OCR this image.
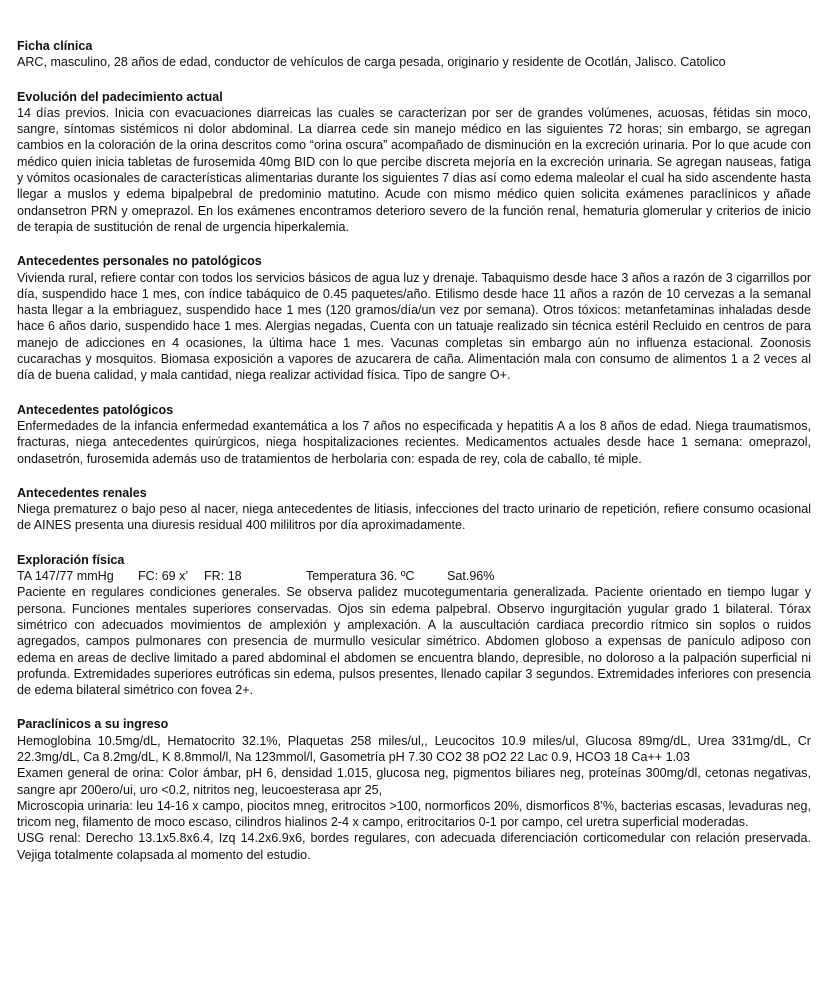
Ficha clínica

ARC, masculino, 28 años de edad, conductor de vehículos de carga pesada, originario y residente de Ocotlán, Jalisco. Catolico

Evolución del padecimiento actual

14 días previos. Inicia con evacuaciones diarreicas las cuales se caracterizan por ser de grandes volúmenes, acuosas, fétidas sin moco, sangre, síntomas sistémicos ni dolor abdominal. La diarrea cede sin manejo médico en las siguientes 72 horas; sin embargo, se agregan cambios en la coloración de la orina descritos como “orina oscura” acompañado de disminución en la excreción urinaria. Por lo que acude con médico quien inicia tabletas de furosemida 40mg BID con lo que percibe discreta mejoría en la excreción urinaria. Se agregan nauseas, fatiga y vómitos ocasionales de características alimentarias durante los siguientes 7 días así como edema maleolar el cual ha sido ascendente hasta llegar a muslos y edema bipalpebral de predominio matutino. Acude con mismo médico quien solicita exámenes paraclínicos y añade ondansetron PRN y omeprazol. En los exámenes encontramos deterioro severo de la función renal, hematuria glomerular y criterios de inicio de terapia de sustitución de renal de urgencia hiperkalemia.

Antecedentes personales no patológicos

Vivienda rural, refiere contar con todos los servicios básicos de agua luz y drenaje. Tabaquismo desde hace 3 años a razón de 3 cigarrillos por día, suspendido hace 1 mes, con índice tabáquico de 0.45 paquetes/año. Etilismo desde hace 11 años a razón de 10 cervezas a la semanal hasta llegar a la embriaguez, suspendido hace 1 mes (120 gramos/día/un vez por semana). Otros tóxicos: metanfetaminas inhaladas desde hace 6 años dario, suspendido hace 1 mes. Alergias negadas, Cuenta con un tatuaje realizado sin técnica estéril Recluido en centros de para manejo de adicciones en 4 ocasiones, la última hace 1 mes. Vacunas completas sin embargo aún no influenza estacional. Zoonosis cucarachas y mosquitos. Biomasa exposición a vapores de azucarera de caña. Alimentación mala con consumo de alimentos 1 a 2 veces al día de buena calidad, y mala cantidad, niega realizar actividad física. Tipo de sangre O+.

Antecedentes patológicos

Enfermedades de la infancia enfermedad exantemática a los 7 años no especificada y hepatitis A a los 8 años de edad. Niega traumatismos, fracturas, niega antecedentes quirúrgicos, niega hospitalizaciones recientes. Medicamentos actuales desde hace 1 semana: omeprazol, ondasetrón, furosemida además uso de tratamientos de herbolaria con: espada de rey, cola de caballo, té miple.

Antecedentes renales

Niega prematurez o bajo peso al nacer, niega antecedentes de litiasis, infecciones del tracto urinario de repetición, refiere consumo ocasional de AINES presenta una diuresis residual 400 mililitros por día aproximadamente.

Exploración física
TA 147/77 mmHg	FC: 69 x’	FR: 18	Temperatura 36. ºC	Sat.96%

Paciente en regulares condiciones generales. Se observa palidez mucotegumentaria generalizada. Paciente orientado en tiempo lugar y persona. Funciones mentales superiores conservadas. Ojos sin edema palpebral. Observo ingurgitación yugular grado 1 bilateral. Tórax simétrico con adecuados movimientos de amplexión y amplexación. A la auscultación cardiaca precordio rítmico sin soplos o ruidos agregados, campos pulmonares con presencia de murmullo vesicular simétrico. Abdomen globoso a expensas de panículo adiposo con edema en areas de declive limitado a pared abdominal el abdomen se encuentra blando, depresible, no doloroso a la palpación superficial ni profunda. Extremidades superiores eutróficas sin edema, pulsos presentes, llenado capilar 3 segundos. Extremidades inferiores con presencia de edema bilateral simétrico con fovea 2+.

Paraclínicos a su ingreso

Hemoglobina 10.5mg/dL, Hematocrito 32.1%, Plaquetas 258 miles/ul,, Leucocitos 10.9 miles/ul, Glucosa 89mg/dL, Urea 331mg/dL, Cr 22.3mg/dL, Ca 8.2mg/dL, K 8.8mmol/l, Na 123mmol/l, Gasometría pH 7.30 CO2 38 pO2 22 Lac 0.9, HCO3 18 Ca++ 1.03

Examen general de orina: Color ámbar, pH 6, densidad 1.015, glucosa neg, pigmentos biliares neg, proteínas 300mg/dl, cetonas negativas, sangre apr 200ero/ui, uro <0.2, nitritos neg, leucoesterasa apr 25,

Microscopia urinaria: leu 14-16 x campo, piocitos mneg, eritrocitos >100, normorficos 20%, dismorficos 8’%, bacterias escasas, levaduras neg, tricom neg, filamento de moco escaso, cilindros hialinos 2-4 x campo, eritrocitarios 0-1 por campo, cel uretra superficial moderadas.

USG renal: Derecho 13.1x5.8x6.4, Izq 14.2x6.9x6, bordes regulares, con adecuada diferenciación corticomedular con relación preservada. Vejiga totalmente colapsada al momento del estudio.
